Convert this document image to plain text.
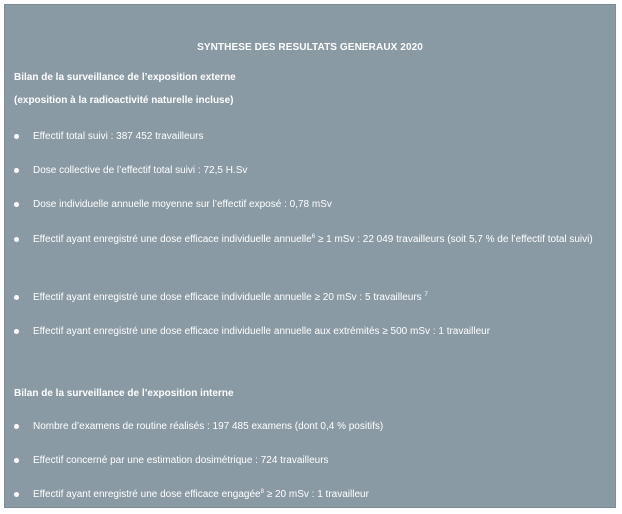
SYNTHESE DES RESULTATS GENERAUX 2020
Bilan de la surveillance de l’exposition externe
(exposition à la radioactivité naturelle incluse)
Effectif total suivi : 387 452 travailleurs
Dose collective de l’effectif total suivi : 72,5 H.Sv
Dose individuelle annuelle moyenne sur l’effectif exposé : 0,78 mSv
Effectif ayant enregistré une dose efficace individuelle annuelle$^6$ ≥ 1 mSv : 22 049 travailleurs (soit 5,7 % de l’effectif total suivi)
Effectif ayant enregistré une dose efficace individuelle annuelle ≥ 20 mSv : 5 travailleurs $^7$
Effectif ayant enregistré une dose efficace individuelle annuelle aux extrémités ≥ 500 mSv : 1 travailleur
Bilan de la surveillance de l’exposition interne
Nombre d’examens de routine réalisés : 197 485 examens (dont 0,4 % positifs)
Effectif concerné par une estimation dosimétrique : 724 travailleurs
Effectif ayant enregistré une dose efficace engagée$^8$ ≥ 20 mSv : 1 travailleur
